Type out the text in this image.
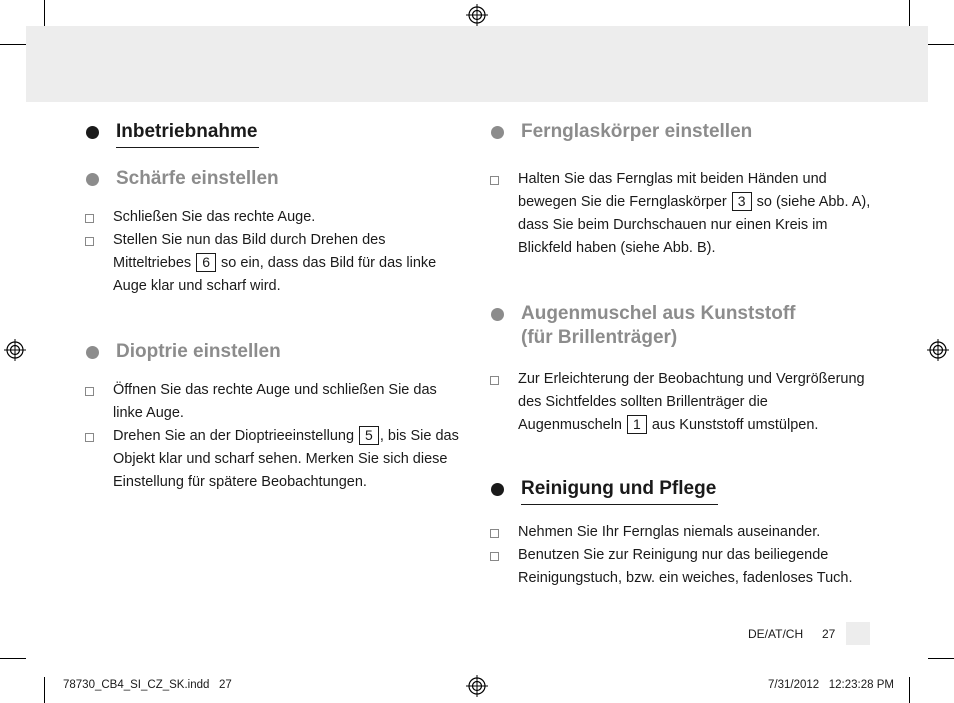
Inbetriebnahme
Schärfe einstellen
Schließen Sie das rechte Auge.
Stellen Sie nun das Bild durch Drehen des Mitteltriebes 6 so ein, dass das Bild für das linke Auge klar und scharf wird.
Dioptrie einstellen
Öffnen Sie das rechte Auge und schließen Sie das linke Auge.
Drehen Sie an der Dioptrieeinstellung 5 , bis Sie das Objekt klar und scharf sehen. Merken Sie sich diese Einstellung für spätere Beobachtungen.
Fernglaskörper einstellen
Halten Sie das Fernglas mit beiden Händen und bewegen Sie die Fernglaskörper 3 so (siehe Abb. A), dass Sie beim Durchschauen nur einen Kreis im Blickfeld haben (siehe Abb. B).
Augenmuschel aus Kunststoff
(für Brillenträger)
Zur Erleichterung der Beobachtung und Vergrößerung des Sichtfeldes sollten Brillenträger die Augenmuscheln 1 aus Kunststoff umstülpen.
Reinigung und Pflege
Nehmen Sie Ihr Fernglas niemals auseinander.
Benutzen Sie zur Reinigung nur das beiliegende Reinigungstuch, bzw. ein weiches, fadenloses Tuch.
DE/AT/CH 27
78730_CB4_SI_CZ_SK.indd   27	7/31/2012   12:23:28 PM
